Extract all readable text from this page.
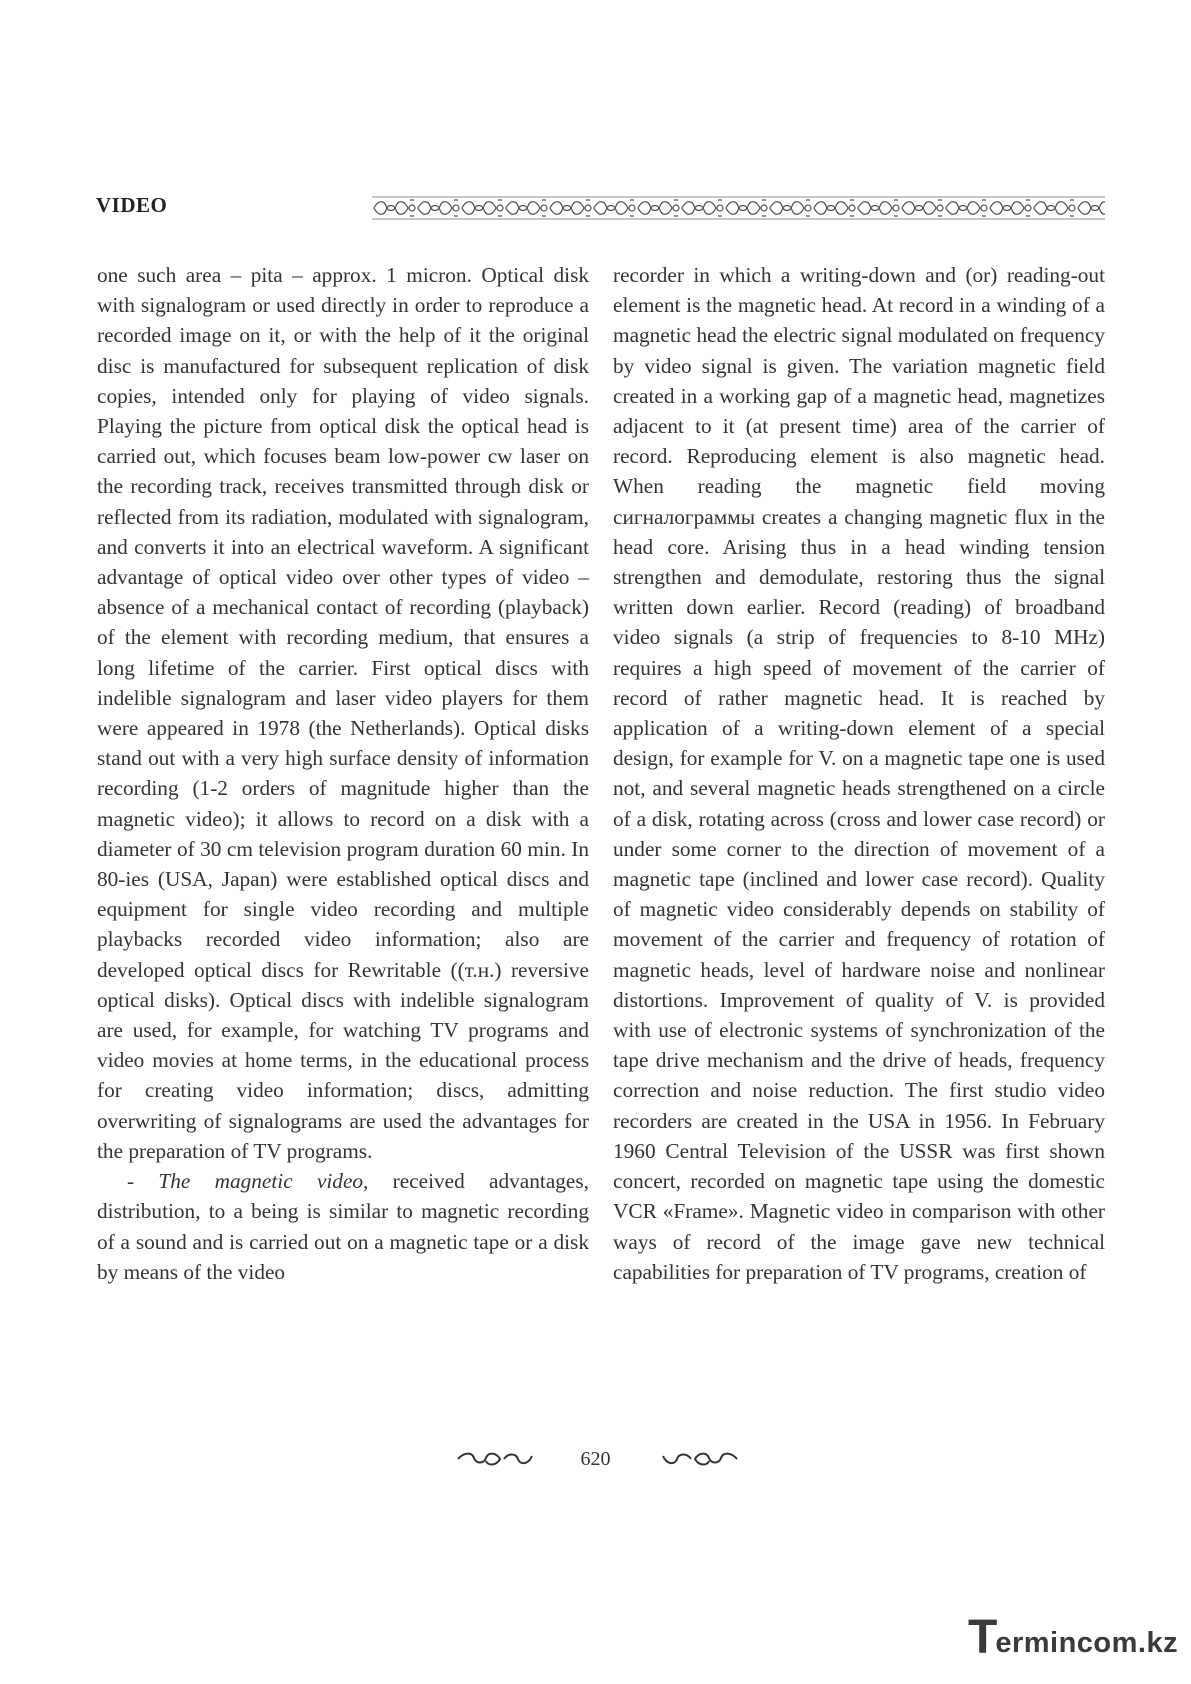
VIDEO

one such area – pita – approx. 1 micron. Optical disk with signalogram or used directly in order to reproduce a recorded image on it, or with the help of it the original disc is manufactured for subsequent replication of disk copies, intended only for playing of video signals. Playing the picture from optical disk the optical head is carried out, which focuses beam low-power cw laser on the recording track, receives transmitted through disk or reflected from its radiation, modulated with signalogram, and converts it into an electrical waveform. A significant advantage of optical video over other types of video – absence of a mechanical contact of recording (playback) of the element with recording medium, that ensures a long lifetime of the carrier. First optical discs with indelible signalogram and laser video players for them were appeared in 1978 (the Netherlands). Optical disks stand out with a very high surface density of information recording (1-2 orders of magnitude higher than the magnetic video); it allows to record on a disk with a diameter of 30 cm television program duration 60 min. In 80-ies (USA, Japan) were established optical discs and equipment for single video recording and multiple playbacks recorded video information; also are developed optical discs for Rewritable ((т.н.) reversive optical disks). Optical discs with indelible signalogram are used, for example, for watching TV programs and video movies at home terms, in the educational process for creating video information; discs, admitting overwriting of signalograms are used the advantages for the preparation of TV programs.

- The magnetic video, received advantages, distribution, to a being is similar to magnetic recording of a sound and is carried out on a magnetic tape or a disk by means of the video

recorder in which a writing-down and (or) reading-out element is the magnetic head. At record in a winding of a magnetic head the electric signal modulated on frequency by video signal is given. The variation magnetic field created in a working gap of a magnetic head, magnetizes adjacent to it (at present time) area of the carrier of record. Reproducing element is also magnetic head. When reading the magnetic field moving сигналограммы creates a changing magnetic flux in the head core. Arising thus in a head winding tension strengthen and demodulate, restoring thus the signal written down earlier. Record (reading) of broadband video signals (a strip of frequencies to 8-10 MHz) requires a high speed of movement of the carrier of record of rather magnetic head. It is reached by application of a writing-down element of a special design, for example for V. on a magnetic tape one is used not, and several magnetic heads strengthened on a circle of a disk, rotating across (cross and lower case record) or under some corner to the direction of movement of a magnetic tape (inclined and lower case record). Quality of magnetic video considerably depends on stability of movement of the carrier and frequency of rotation of magnetic heads, level of hardware noise and nonlinear distortions. Improvement of quality of V. is provided with use of electronic systems of synchronization of the tape drive mechanism and the drive of heads, frequency correction and noise reduction. The first studio video recorders are created in the USA in 1956. In February 1960 Central Television of the USSR was first shown concert, recorded on magnetic tape using the domestic VCR «Frame». Magnetic video in comparison with other ways of record of the image gave new technical capabilities for preparation of TV programs, creation of

620
T
ermincom.kz
